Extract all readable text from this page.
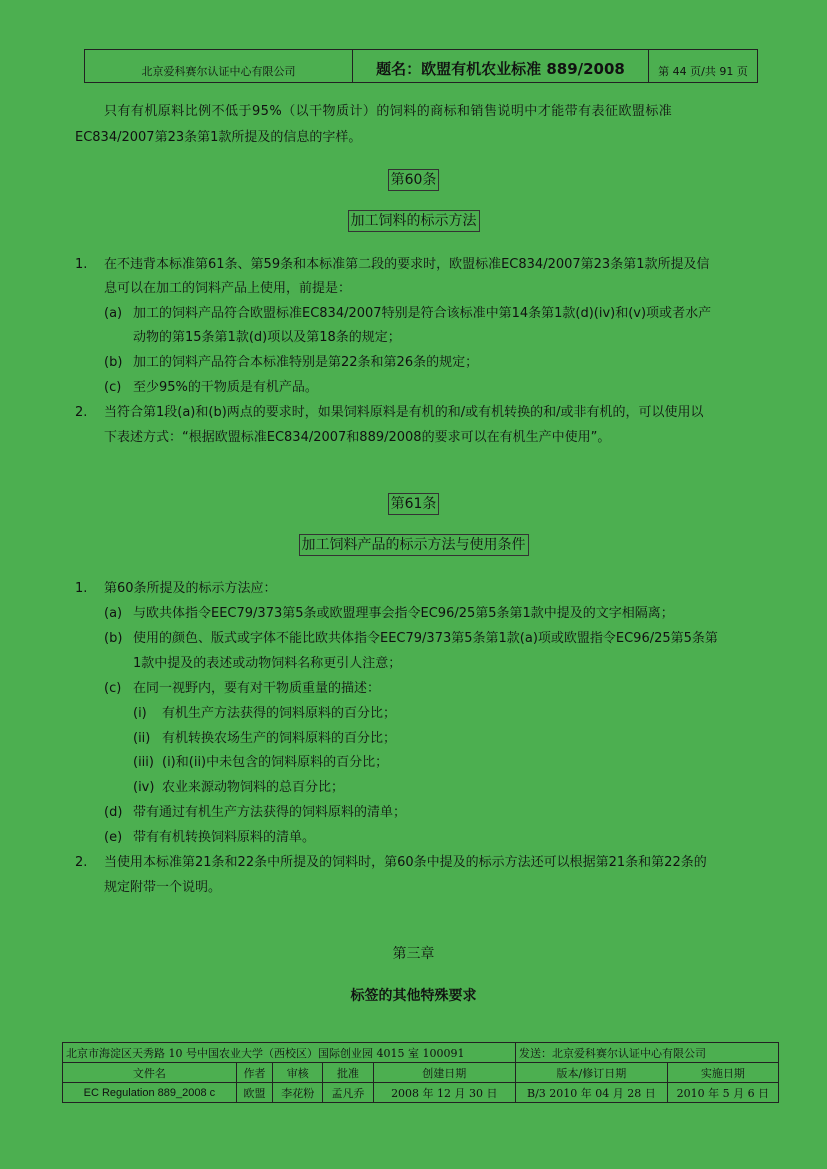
北京爱科赛尔认证中心有限公司	题名：欧盟有机农业标准 889/2008	第 44 页/共 91 页
只有有机原料比例不低于95%（以干物质计）的饲料的商标和销售说明中才能带有表征欧盟标准
EC834/2007第23条第1款所提及的信息的字样。
第60条
加工饲料的标示方法
1. 在不违背本标准第61条、第59条和本标准第二段的要求时，欧盟标准EC834/2007第23条第1款所提及信
息可以在加工的饲料产品上使用，前提是：
(a) 加工的饲料产品符合欧盟标准EC834/2007特别是符合该标准中第14条第1款(d)(iv)和(v)项或者水产
动物的第15条第1款(d)项以及第18条的规定；
(b) 加工的饲料产品符合本标准特别是第22条和第26条的规定；
(c) 至少95%的干物质是有机产品。
2. 当符合第1段(a)和(b)两点的要求时，如果饲料原料是有机的和/或有机转换的和/或非有机的，可以使用以
下表述方式：“根据欧盟标准EC834/2007和889/2008的要求可以在有机生产中使用”。
第61条
加工饲料产品的标示方法与使用条件
1. 第60条所提及的标示方法应：
(a) 与欧共体指令EEC79/373第5条或欧盟理事会指令EC96/25第5条第1款中提及的文字相隔离；
(b) 使用的颜色、版式或字体不能比欧共体指令EEC79/373第5条第1款(a)项或欧盟指令EC96/25第5条第
1款中提及的表述或动物饲料名称更引人注意；
(c) 在同一视野内，要有对干物质重量的描述：
(i) 有机生产方法获得的饲料原料的百分比；
(ii) 有机转换农场生产的饲料原料的百分比；
(iii) (i)和(ii)中未包含的饲料原料的百分比；
(iv) 农业来源动物饲料的总百分比；
(d) 带有通过有机生产方法获得的饲料原料的清单；
(e) 带有有机转换饲料原料的清单。
2. 当使用本标准第21条和22条中所提及的饲料时，第60条中提及的标示方法还可以根据第21条和第22条的
规定附带一个说明。
第三章
标签的其他特殊要求
北京市海淀区天秀路 10 号中国农业大学（西校区）国际创业园 4015 室 100091					发送：北京爱科赛尔认证中心有限公司	
文件名	作者	审核	批准	创建日期	版本/修订日期	实施日期
EC Regulation 889_2008 c	欧盟	李花粉	孟凡乔	2008 年 12 月 30 日	B/3 2010 年 04 月 28 日	2010 年 5 月 6 日
